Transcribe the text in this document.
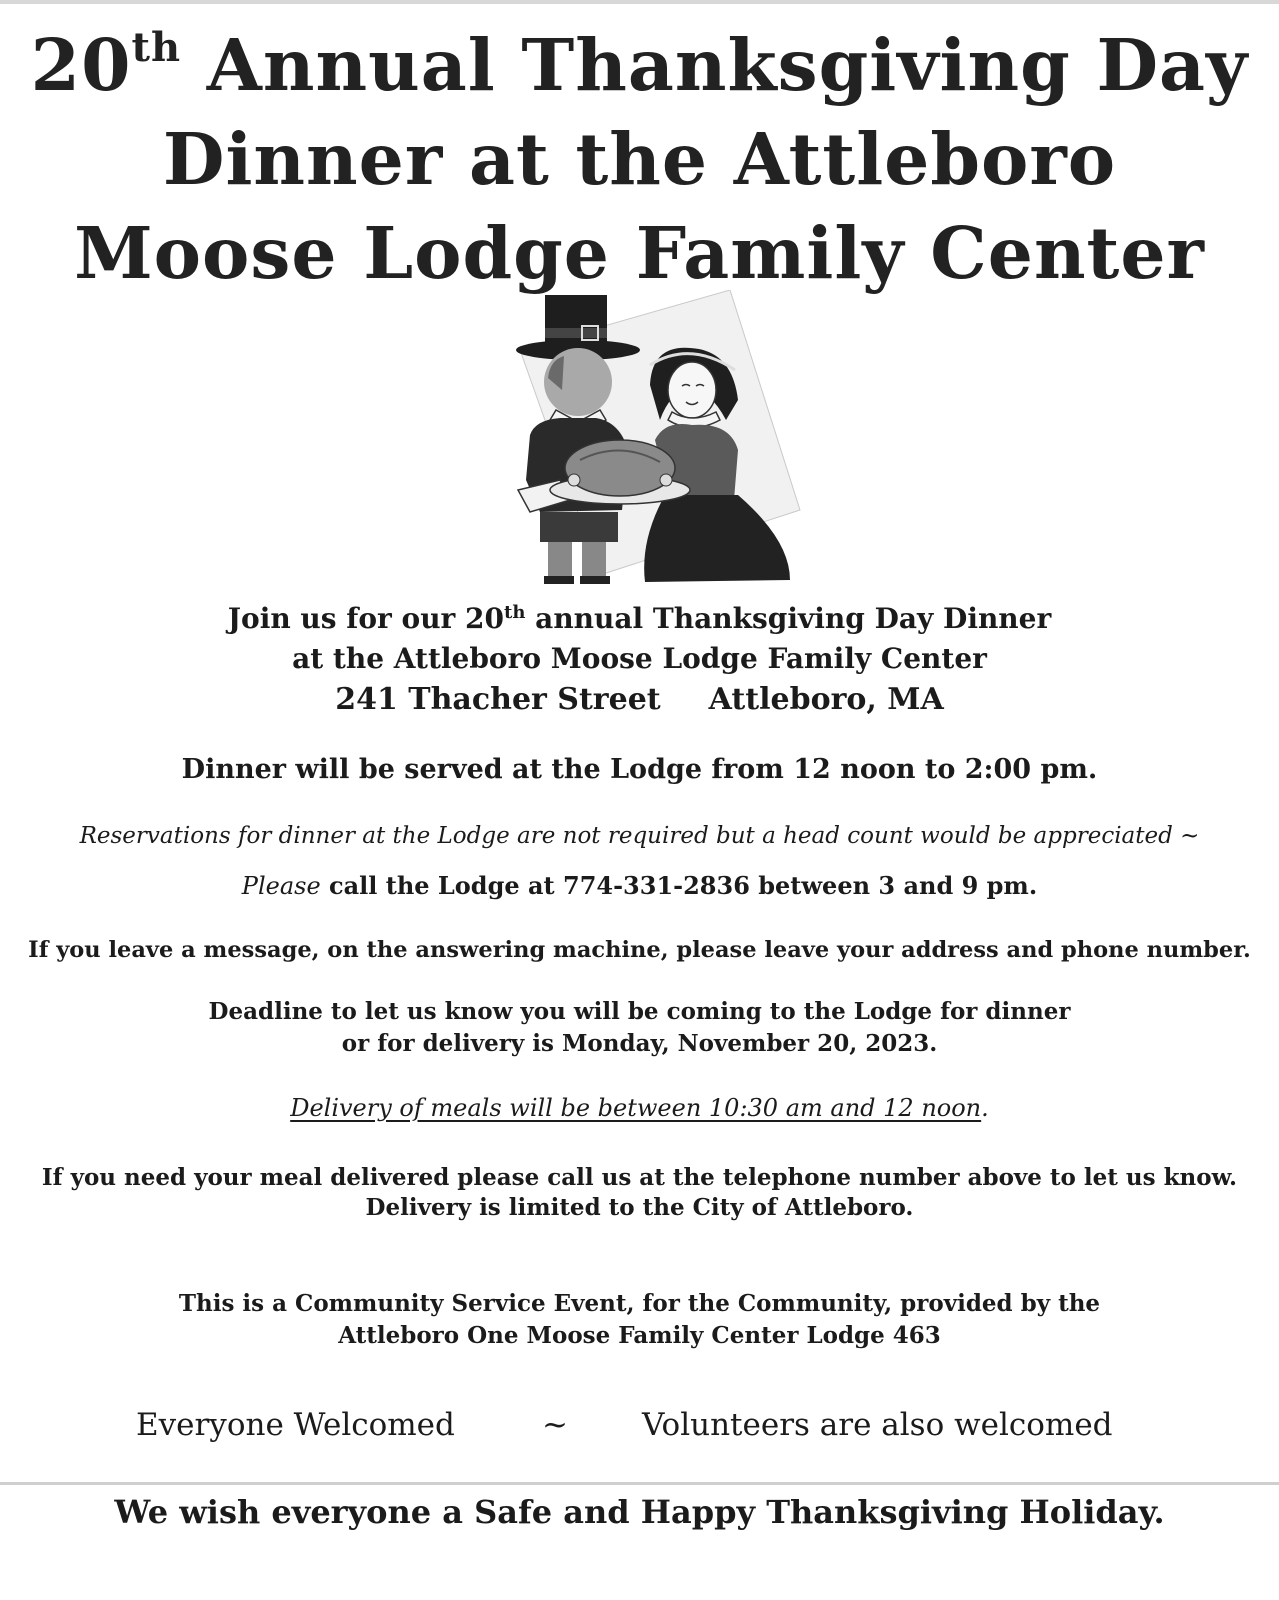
20th Annual Thanksgiving Day
Dinner at the Attleboro
Moose Lodge Family Center
Join us for our 20th annual Thanksgiving Day Dinner
at the Attleboro Moose Lodge Family Center
241 Thacher Street Attleboro, MA
Dinner will be served at the Lodge from 12 noon to 2:00 pm.
Reservations for dinner at the Lodge are not required but a head count would be appreciated ~
Please call the Lodge at 774-331-2836 between 3 and 9 pm.
If you leave a message, on the answering machine, please leave your address and phone number.
Deadline to let us know you will be coming to the Lodge for dinner
or for delivery is Monday, November 20, 2023.
Delivery of meals will be between 10:30 am and 12 noon.
If you need your meal delivered please call us at the telephone number above to let us know.
Delivery is limited to the City of Attleboro.
This is a Community Service Event, for the Community, provided by the
Attleboro One Moose Family Center Lodge 463
Everyone Welcomed	~ Volunteers are also welcomed
We wish everyone a Safe and Happy Thanksgiving Holiday.
